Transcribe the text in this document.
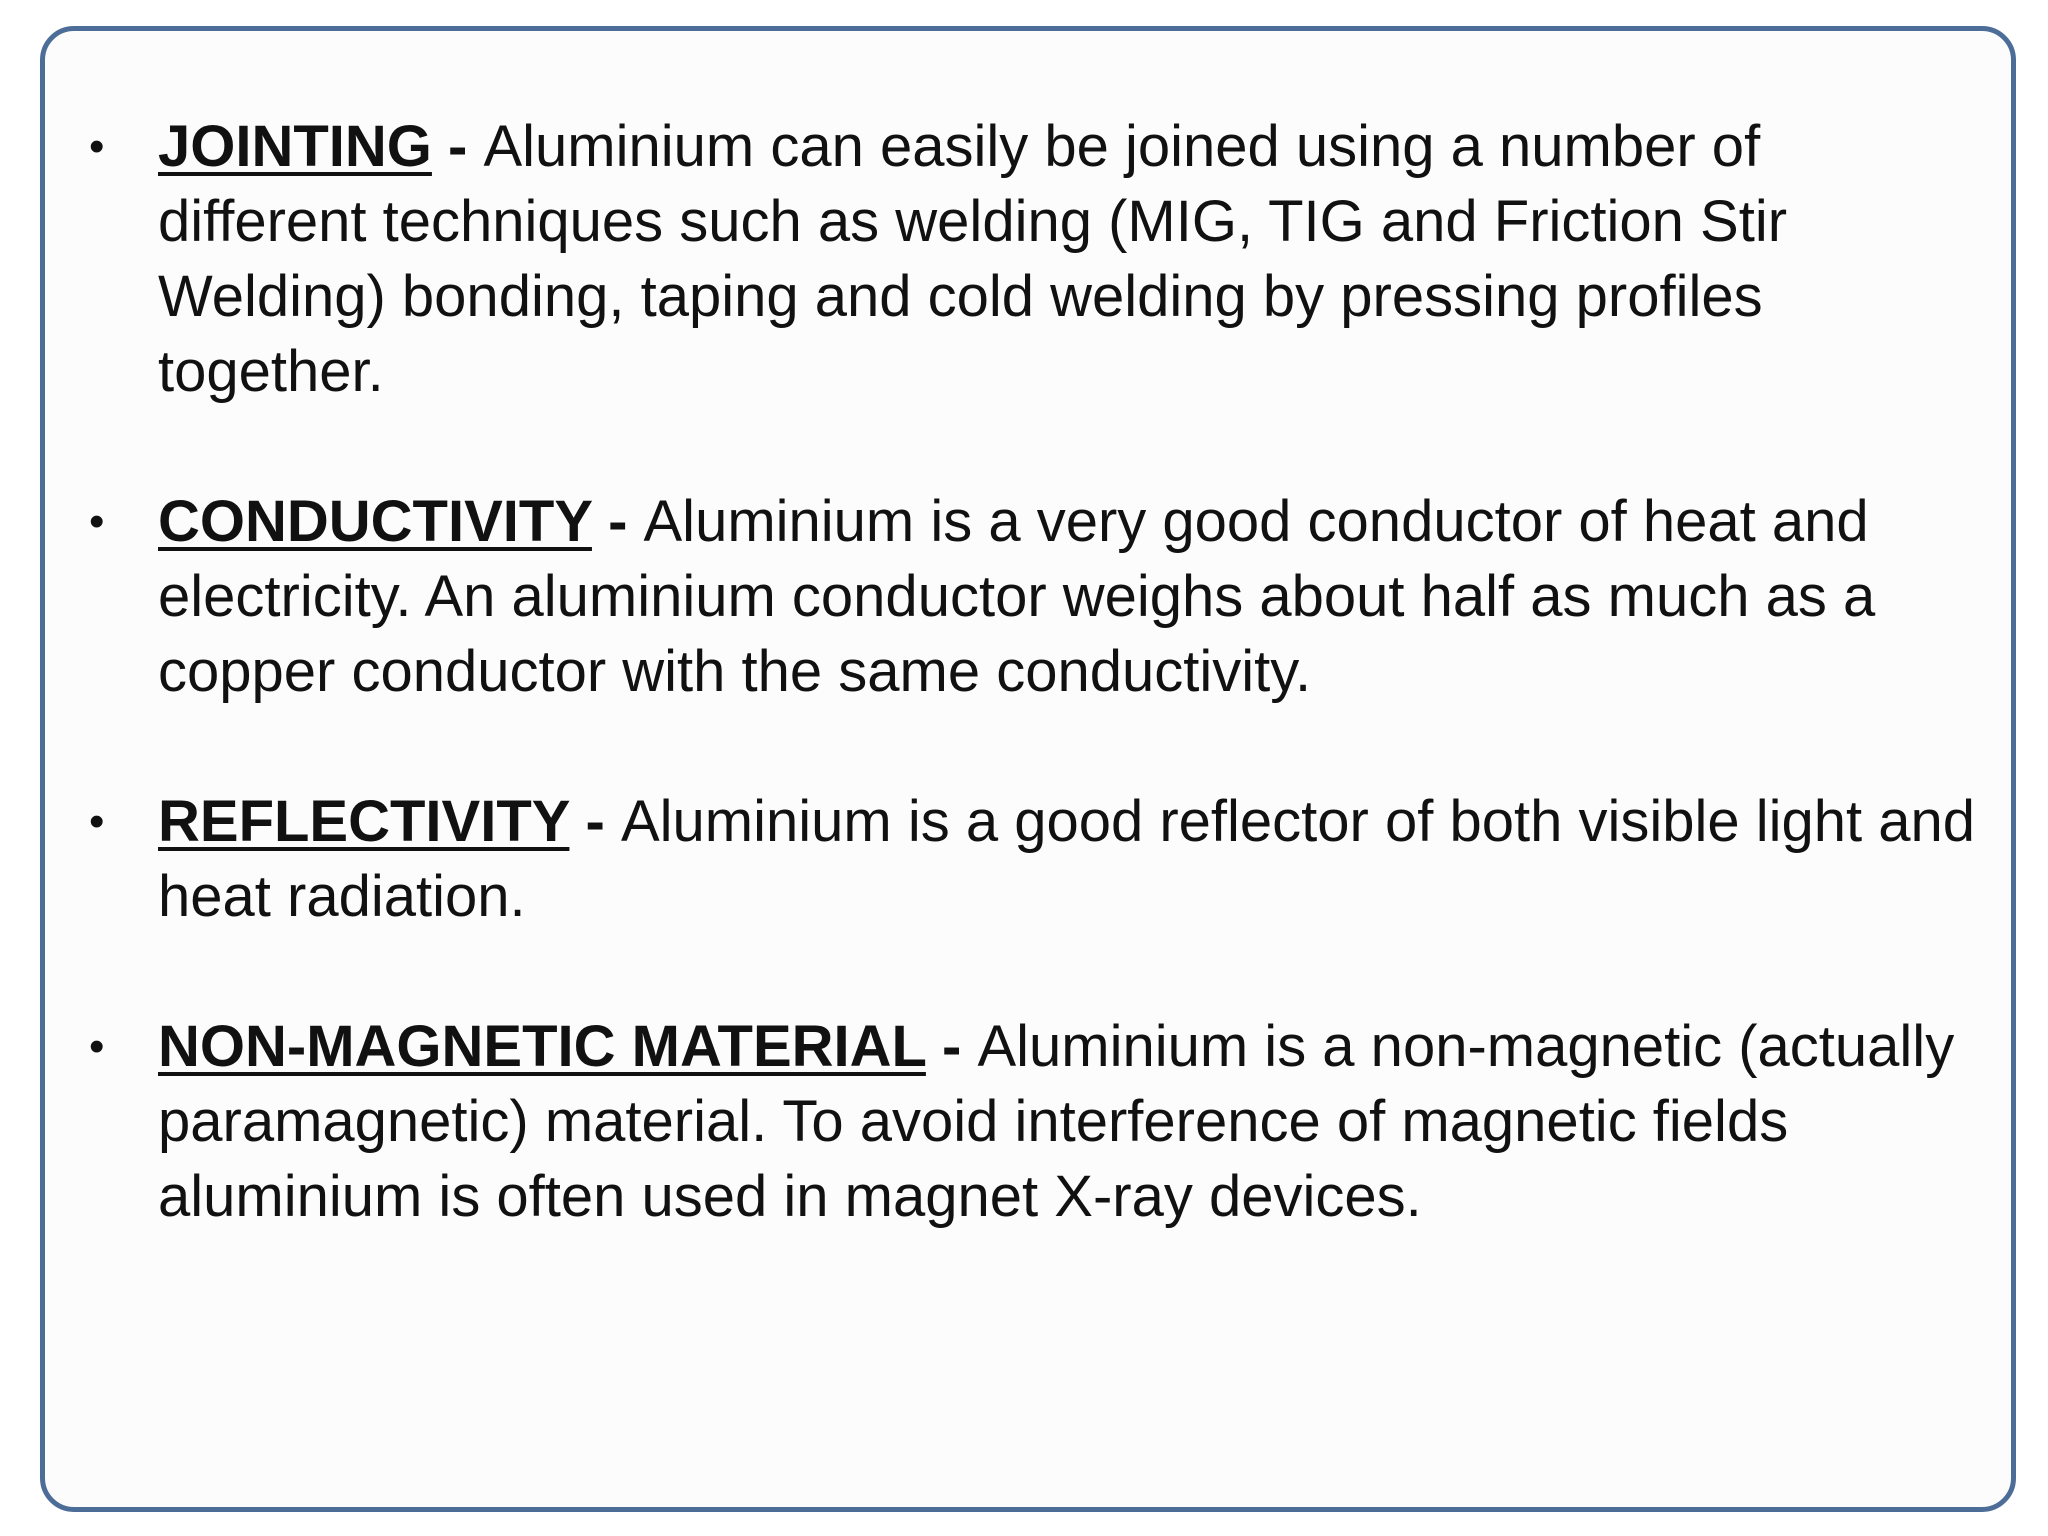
• JOINTING - Aluminium can easily be joined using a number of different techniques such as welding (MIG, TIG and Friction Stir Welding) bonding, taping and cold welding by pressing profiles together.
• CONDUCTIVITY - Aluminium is a very good conductor of heat and electricity. An aluminium conductor weighs about half as much as a copper conductor with the same conductivity.
• REFLECTIVITY - Aluminium is a good reflector of both visible light and heat radiation.
• NON-MAGNETIC MATERIAL - Aluminium is a non-magnetic (actually paramagnetic) material. To avoid interference of magnetic fields aluminium is often used in magnet X-ray devices.
